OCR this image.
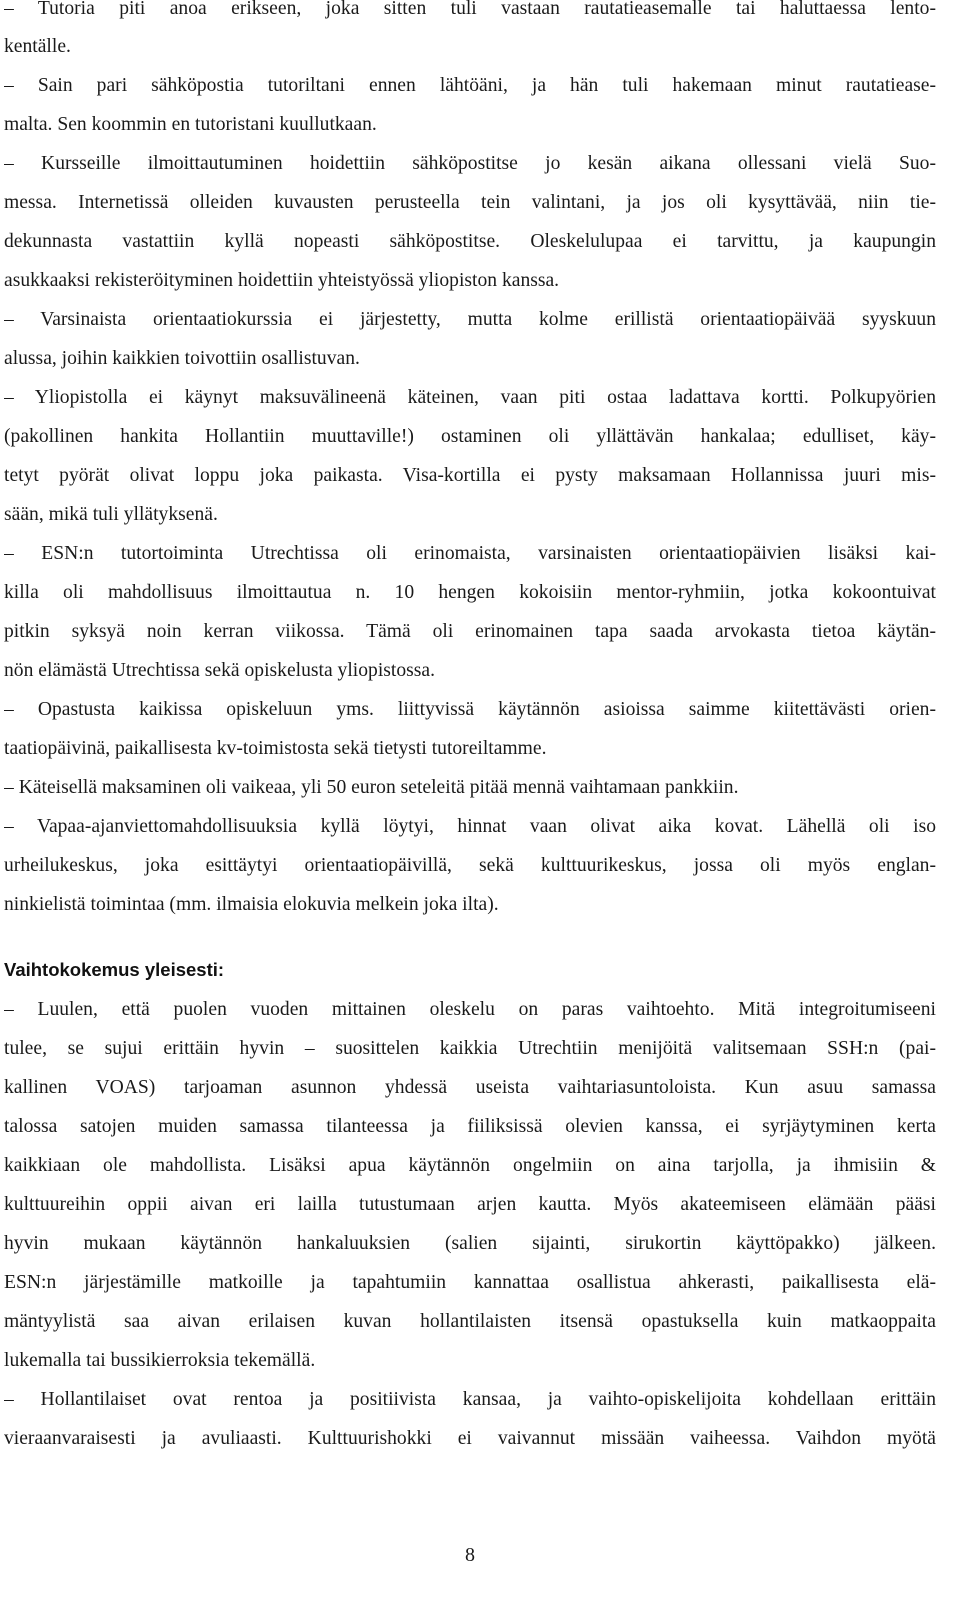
– Tutoria piti anoa erikseen, joka sitten tuli vastaan rautatieasemalle tai haluttaessa lento-
kentälle.
– Sain pari sähköpostia tutoriltani ennen lähtöäni, ja hän tuli hakemaan minut rautatiease-
malta. Sen koommin en tutoristani kuullutkaan.
– Kursseille ilmoittautuminen hoidettiin sähköpostitse jo kesän aikana ollessani vielä Suo-
messa. Internetissä olleiden kuvausten perusteella tein valintani, ja jos oli kysyttävää, niin tie-
dekunnasta vastattiin kyllä nopeasti sähköpostitse. Oleskelulupaa ei tarvittu, ja kaupungin
asukkaaksi rekisteröityminen hoidettiin yhteistyössä yliopiston kanssa.
– Varsinaista orientaatiokurssia ei järjestetty, mutta kolme erillistä orientaatiopäivää syyskuun
alussa, joihin kaikkien toivottiin osallistuvan.
– Yliopistolla ei käynyt maksuvälineenä käteinen, vaan piti ostaa ladattava kortti. Polkupyörien
(pakollinen hankita Hollantiin muuttaville!) ostaminen oli yllättävän hankalaa; edulliset, käy-
tetyt pyörät olivat loppu joka paikasta. Visa-kortilla ei pysty maksamaan Hollannissa juuri mis-
sään, mikä tuli yllätyksenä.
– ESN:n tutortoiminta Utrechtissa oli erinomaista, varsinaisten orientaatiopäivien lisäksi kai-
killa oli mahdollisuus ilmoittautua n. 10 hengen kokoisiin mentor-ryhmiin, jotka kokoontuivat
pitkin syksyä noin kerran viikossa. Tämä oli erinomainen tapa saada arvokasta tietoa käytän-
nön elämästä Utrechtissa sekä opiskelusta yliopistossa.
– Opastusta kaikissa opiskeluun yms. liittyvissä käytännön asioissa saimme kiitettävästi orien-
taatiopäivinä, paikallisesta kv-toimistosta sekä tietysti tutoreiltamme.
– Käteisellä maksaminen oli vaikeaa, yli 50 euron seteleitä pitää mennä vaihtamaan pankkiin.
– Vapaa-ajanviettomahdollisuuksia kyllä löytyi, hinnat vaan olivat aika kovat. Lähellä oli iso
urheilukeskus, joka esittäytyi orientaatiopäivillä, sekä kulttuurikeskus, jossa oli myös englan-
ninkielistä toimintaa (mm. ilmaisia elokuvia melkein joka ilta).
Vaihtokokemus yleisesti:
– Luulen, että puolen vuoden mittainen oleskelu on paras vaihtoehto. Mitä integroitumiseeni
tulee, se sujui erittäin hyvin – suosittelen kaikkia Utrechtiin menijöitä valitsemaan SSH:n (pai-
kallinen VOAS) tarjoaman asunnon yhdessä useista vaihtariasuntoloista. Kun asuu samassa
talossa satojen muiden samassa tilanteessa ja fiiliksissä olevien kanssa, ei syrjäytyminen kerta
kaikkiaan ole mahdollista. Lisäksi apua käytännön ongelmiin on aina tarjolla, ja ihmisiin &
kulttuureihin oppii aivan eri lailla tutustumaan arjen kautta. Myös akateemiseen elämään pääsi
hyvin mukaan käytännön hankaluuksien (salien sijainti, sirukortin käyttöpakko) jälkeen.
ESN:n järjestämille matkoille ja tapahtumiin kannattaa osallistua ahkerasti, paikallisesta elä-
mäntyylistä saa aivan erilaisen kuvan hollantilaisten itsensä opastuksella kuin matkaoppaita
lukemalla tai bussikierroksia tekemällä.
– Hollantilaiset ovat rentoa ja positiivista kansaa, ja vaihto-opiskelijoita kohdellaan erittäin
vieraanvaraisesti ja avuliaasti. Kulttuurishokki ei vaivannut missään vaiheessa. Vaihdon myötä
8
